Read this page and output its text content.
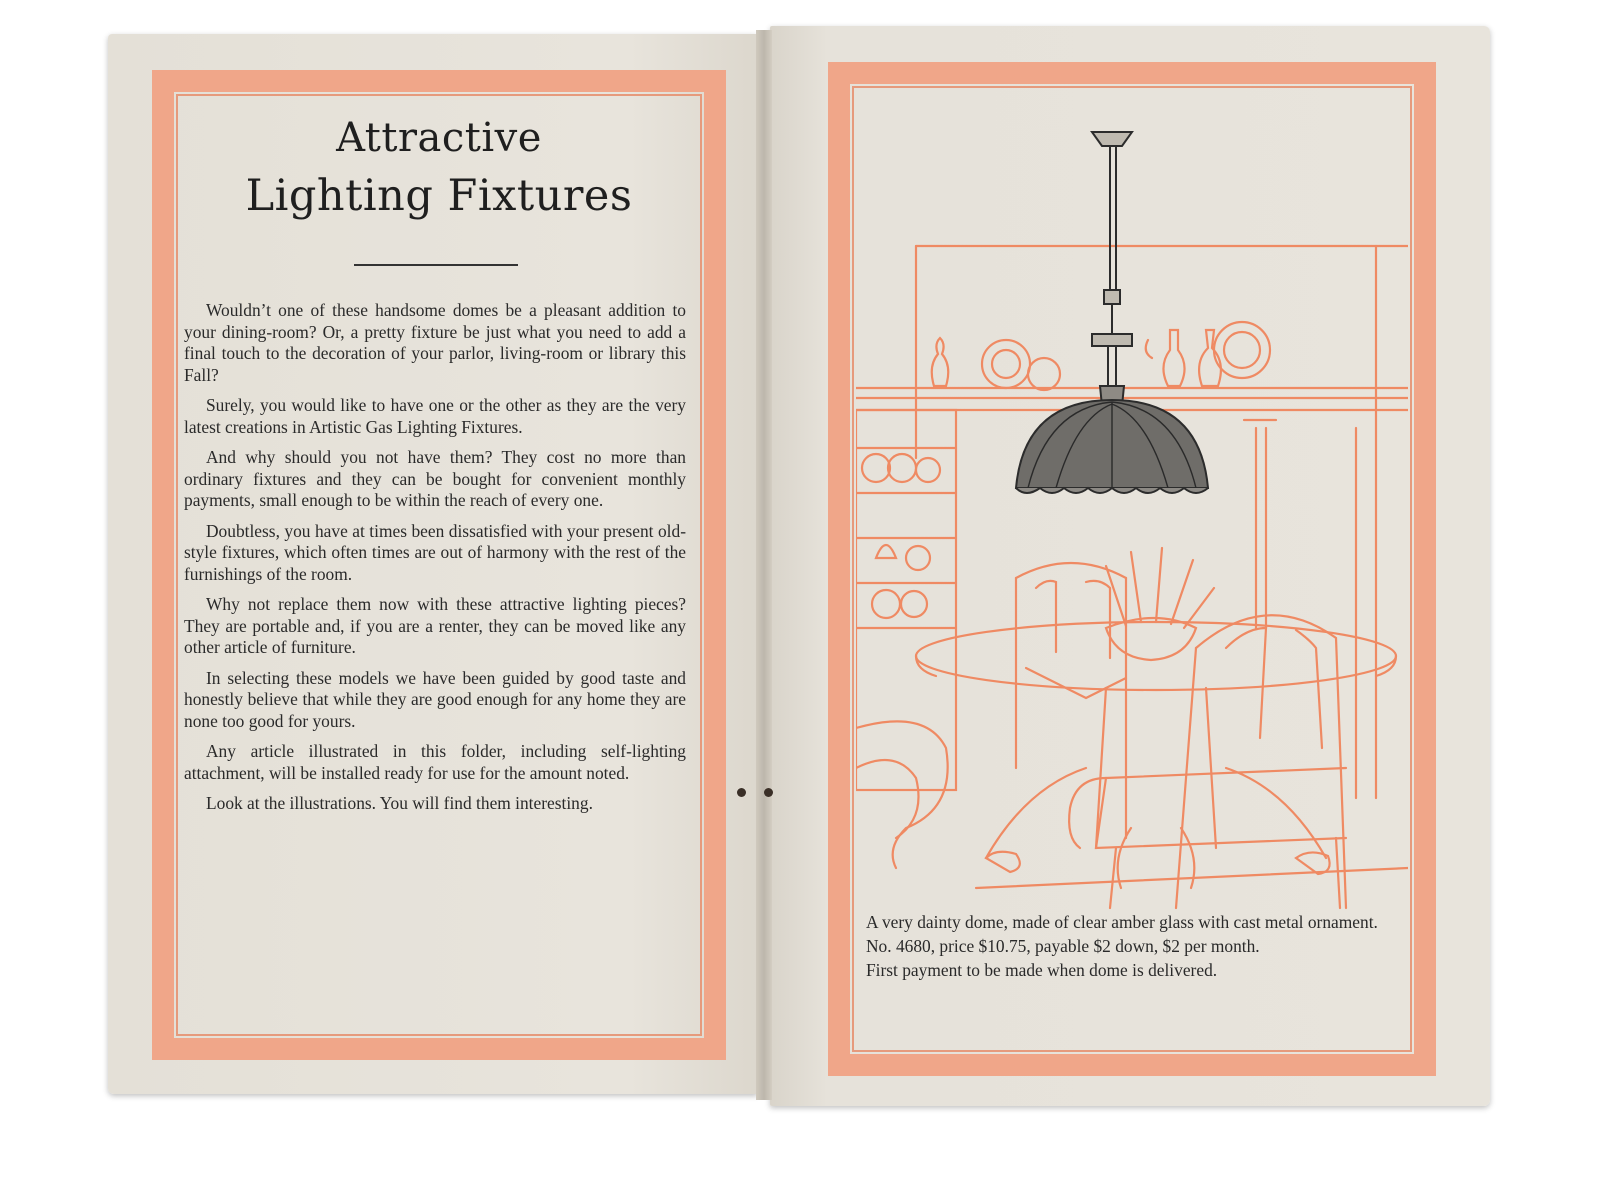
Attractive
Lighting Fixtures

Wouldn’t one of these handsome domes be a pleasant addition to your dining-room? Or, a pretty fixture be just what you need to add a final touch to the decoration of your parlor, living-room or library this Fall?

Surely, you would like to have one or the other as they are the very latest creations in Artistic Gas Lighting Fixtures.

And why should you not have them? They cost no more than ordinary fixtures and they can be bought for convenient monthly payments, small enough to be within the reach of every one.

Doubtless, you have at times been dissatisfied with your present old-style fixtures, which often times are out of harmony with the rest of the furnishings of the room.

Why not replace them now with these attractive lighting pieces? They are portable and, if you are a renter, they can be moved like any other article of furniture.

In selecting these models we have been guided by good taste and honestly believe that while they are good enough for any home they are none too good for yours.

Any article illustrated in this folder, including self-lighting attachment, will be installed ready for use for the amount noted.

Look at the illustrations. You will find them interesting.

A very dainty dome, made of clear amber glass with cast metal ornament.

No. 4680, price $10.75, payable $2 down, $2 per month.

First payment to be made when dome is delivered.
